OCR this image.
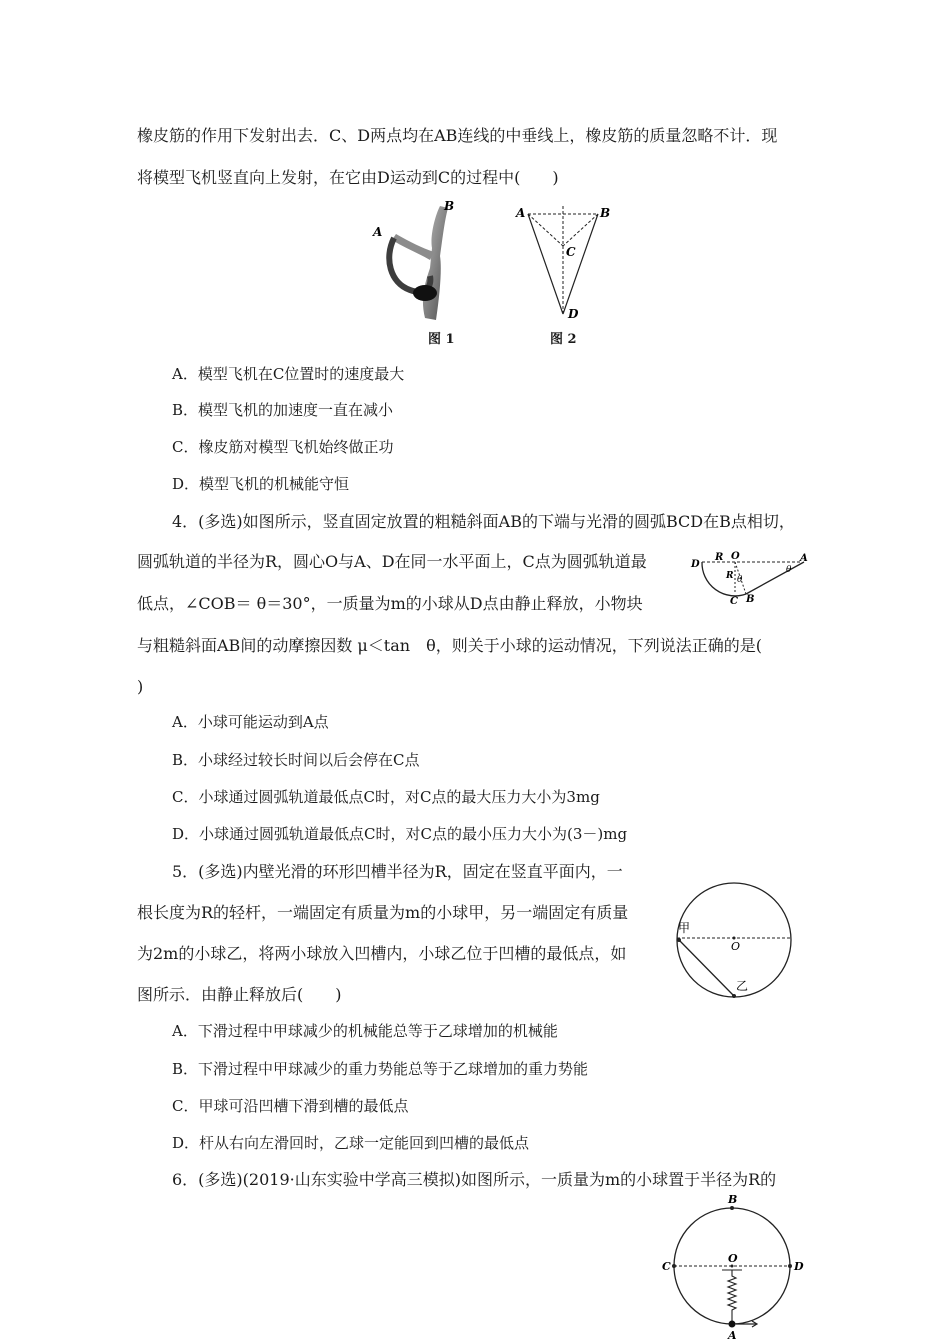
橡皮筋的作用下发射出去．C、D两点均在AB连线的中垂线上，橡皮筋的质量忽略不计．现
将模型飞机竖直向上发射，在它由D运动到C的过程中(　　)
A
B
图 1
A	B
C
D
图 2
A．模型飞机在C位置时的速度最大
B．模型飞机的加速度一直在减小
C．橡皮筋对模型飞机始终做正功
D．模型飞机的机械能守恒
4．(多选)如图所示，竖直固定放置的粗糙斜面AB的下端与光滑的圆弧BCD在B点相切，
圆弧轨道的半径为R，圆心O与A、D在同一水平面上，C点为圆弧轨道最
低点，∠COB＝ θ＝30°，一质量为m的小球从D点由静止释放，小物块
与粗糙斜面AB间的动摩擦因数 μ＜tan　θ，则关于小球的运动情况，下列说法正确的是(
)
D
R O	A
R θ
θ
C B
A．小球可能运动到A点
B．小球经过较长时间以后会停在C点
C．小球通过圆弧轨道最低点C时，对C点的最大压力大小为3mg
D．小球通过圆弧轨道最低点C时，对C点的最小压力大小为(3－)mg
5．(多选)内壁光滑的环形凹槽半径为R，固定在竖直平面内，一
根长度为R的轻杆，一端固定有质量为m的小球甲，另一端固定有质量
为2m的小球乙，将两小球放入凹槽内，小球乙位于凹槽的最低点，如
图所示．由静止释放后(　　)
甲
O
乙
A．下滑过程中甲球减少的机械能总等于乙球增加的机械能
B．下滑过程中甲球减少的重力势能总等于乙球增加的重力势能
C．甲球可沿凹槽下滑到槽的最低点
D．杆从右向左滑回时，乙球一定能回到凹槽的最低点
6．(多选)(2019·山东实验中学高三模拟)如图所示，一质量为m的小球置于半径为R的
B
O
C	D
A
